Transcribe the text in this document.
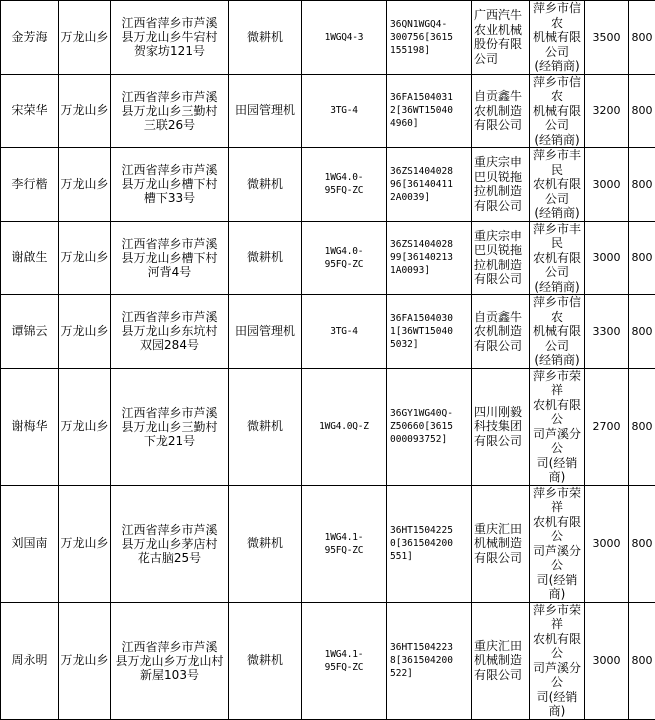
金芳海	万龙山乡	江西省萍乡市芦溪
县万龙山乡牛宕村
贺家坊121号	微耕机	1WGQ4-3	36QN1WGQ4-
300756[3615
155198]	广西汽牛
农业机械
股份有限
公司	萍乡市信农
机械有限公司
(经销商)	3500	800

宋荣华	万龙山乡	江西省萍乡市芦溪
县万龙山乡三勤村
三联26号	田园管理机	3TG-4	36FA1504031
2[36WT15040
4960]	自贡鑫牛
农机制造
有限公司	萍乡市信农
机械有限公司
(经销商)	3200	800

李行楷	万龙山乡	江西省萍乡市芦溪
县万龙山乡槽下村
槽下33号	微耕机	1WG4.0-
95FQ-ZC	36ZS1404028
96[36140411
2A0039]	重庆宗申
巴贝锐拖
拉机制造
有限公司	萍乡市丰民
农机有限公司
(经销商)	3000	800

谢啟生	万龙山乡	江西省萍乡市芦溪
县万龙山乡槽下村
河背4号	微耕机	1WG4.0-
95FQ-ZC	36ZS1404028
99[36140213
1A0093]	重庆宗申
巴贝锐拖
拉机制造
有限公司	萍乡市丰民
农机有限公司
(经销商)	3000	800

谭锦云	万龙山乡	江西省萍乡市芦溪
县万龙山乡东坑村
双园284号	田园管理机	3TG-4	36FA1504030
1[36WT15040
5032]	自贡鑫牛
农机制造
有限公司	萍乡市信农
机械有限公司
(经销商)	3300	800

谢梅华	万龙山乡	江西省萍乡市芦溪
县万龙山乡三勤村
下龙21号	微耕机	1WG4.0Q-Z	36GY1WG40Q-
Z50660[3615
000093752]	四川刚毅
科技集团
有限公司	萍乡市荣祥
农机有限公
司芦溪分公
司(经销商)	2700	800

刘国南	万龙山乡	江西省萍乡市芦溪
县万龙山乡茅店村
花古脑25号	微耕机	1WG4.1-
95FQ-ZC	36HT1504225
0[361504200
551]	重庆汇田
机械制造
有限公司	萍乡市荣祥
农机有限公
司芦溪分公
司(经销商)	3000	800

周永明	万龙山乡	江西省萍乡市芦溪
县万龙山乡万龙山村
新屋103号	微耕机	1WG4.1-
95FQ-ZC	36HT1504223
8[361504200
522]	重庆汇田
机械制造
有限公司	萍乡市荣祥
农机有限公
司芦溪分公
司(经销商)	3000	800
